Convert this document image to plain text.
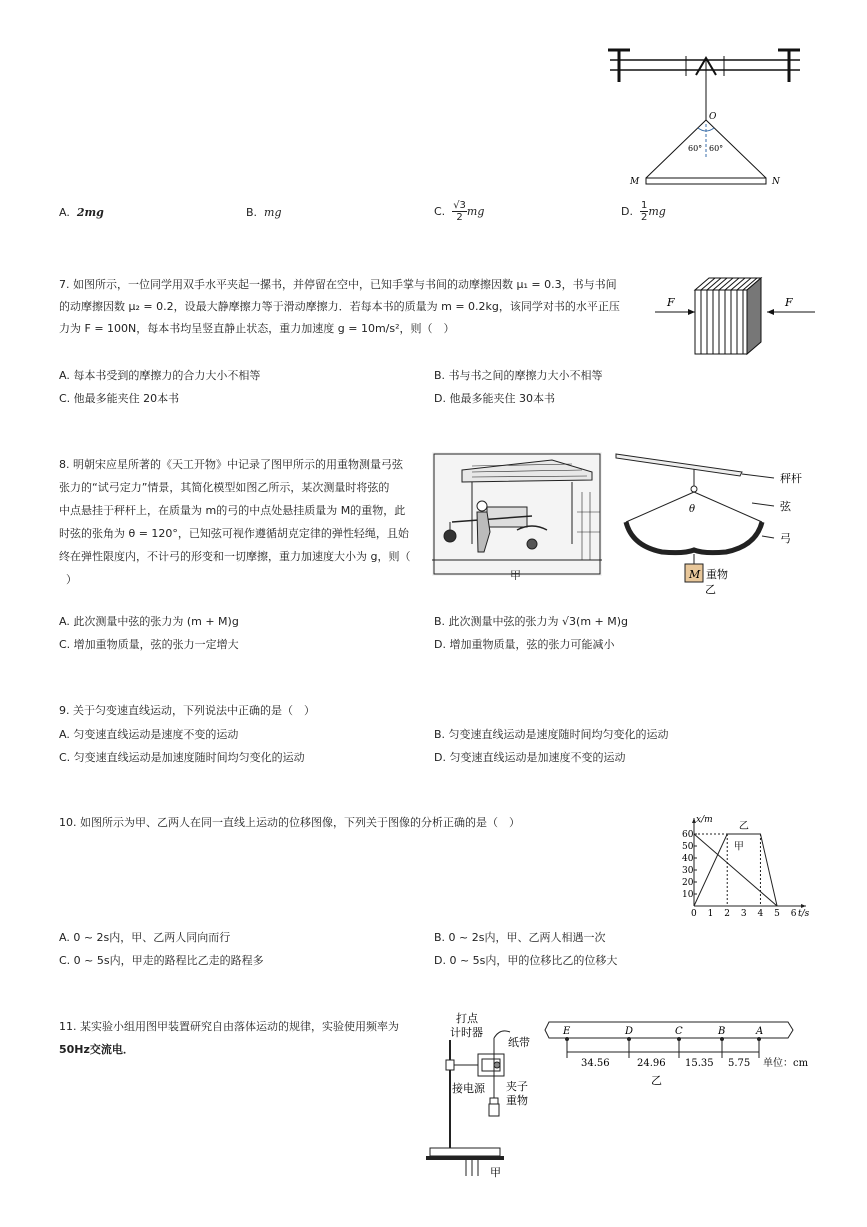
O
60° 60°
M	N
A. 2mg	B. mg	C.
√3
2 mg	D.
1
2 mg
7. 如图所示，一位同学用双手水平夹起一摞书，并停留在空中，已知手掌与书间的动摩擦因数 μ₁ = 0.3，书与书间
的动摩擦因数 μ₂ = 0.2，设最大静摩擦力等于滑动摩擦力．若每本书的质量为 m = 0.2kg，该同学对书的水平正压
力为 F = 100N，每本书均呈竖直静止状态，重力加速度 g = 10m/s²，则（　）
F	F
A. 每本书受到的摩擦力的合力大小不相等	B. 书与书之间的摩擦力大小不相等
C. 他最多能夹住 20本书	D. 他最多能夹住 30本书
8. 明朝宋应星所著的《天工开物》中记录了图甲所示的用重物测量弓弦
张力的“试弓定力”情景，其简化模型如图乙所示，某次测量时将弦的
中点悬挂于秤杆上，在质量为 m的弓的中点处悬挂质量为 M的重物，此
时弦的张角为 θ = 120°，已知弦可视作遵循胡克定律的弹性轻绳，且始
终在弹性限度内，不计弓的形变和一切摩擦，重力加速度大小为 g，则（
）	甲
秤杆
θ	弦
弓
M 重物
乙
A. 此次测量中弦的张力为 (m + M)g	B. 此次测量中弦的张力为 √3(m + M)g
C. 增加重物质量，弦的张力一定增大	D. 增加重物质量，弦的张力可能减小
9. 关于匀变速直线运动，下列说法中正确的是（　）
A. 匀变速直线运动是速度不变的运动	B. 匀变速直线运动是速度随时间均匀变化的运动
C. 匀变速直线运动是加速度随时间均匀变化的运动	D. 匀变速直线运动是加速度不变的运动
10. 如图所示为甲、乙两人在同一直线上运动的位移图像，下列关于图像的分析正确的是（　）	x/m
t/s
10
20
30
40
50
60
0 1 2 3 4 5 6
甲
乙
A. 0 ~ 2s内，甲、乙两人同向而行	B. 0 ~ 2s内，甲、乙两人相遇一次
C. 0 ~ 5s内，甲走的路程比乙走的路程多	D. 0 ~ 5s内，甲的位移比乙的位移大
11. 某实验小组用图甲装置研究自由落体运动的规律，实验使用频率为
50Hz交流电．
打点
计时器
纸带
接电源 夹子
重物
甲
E	D	C	B	A
34.56	24.96 15.35 5.75 单位：cm
乙
